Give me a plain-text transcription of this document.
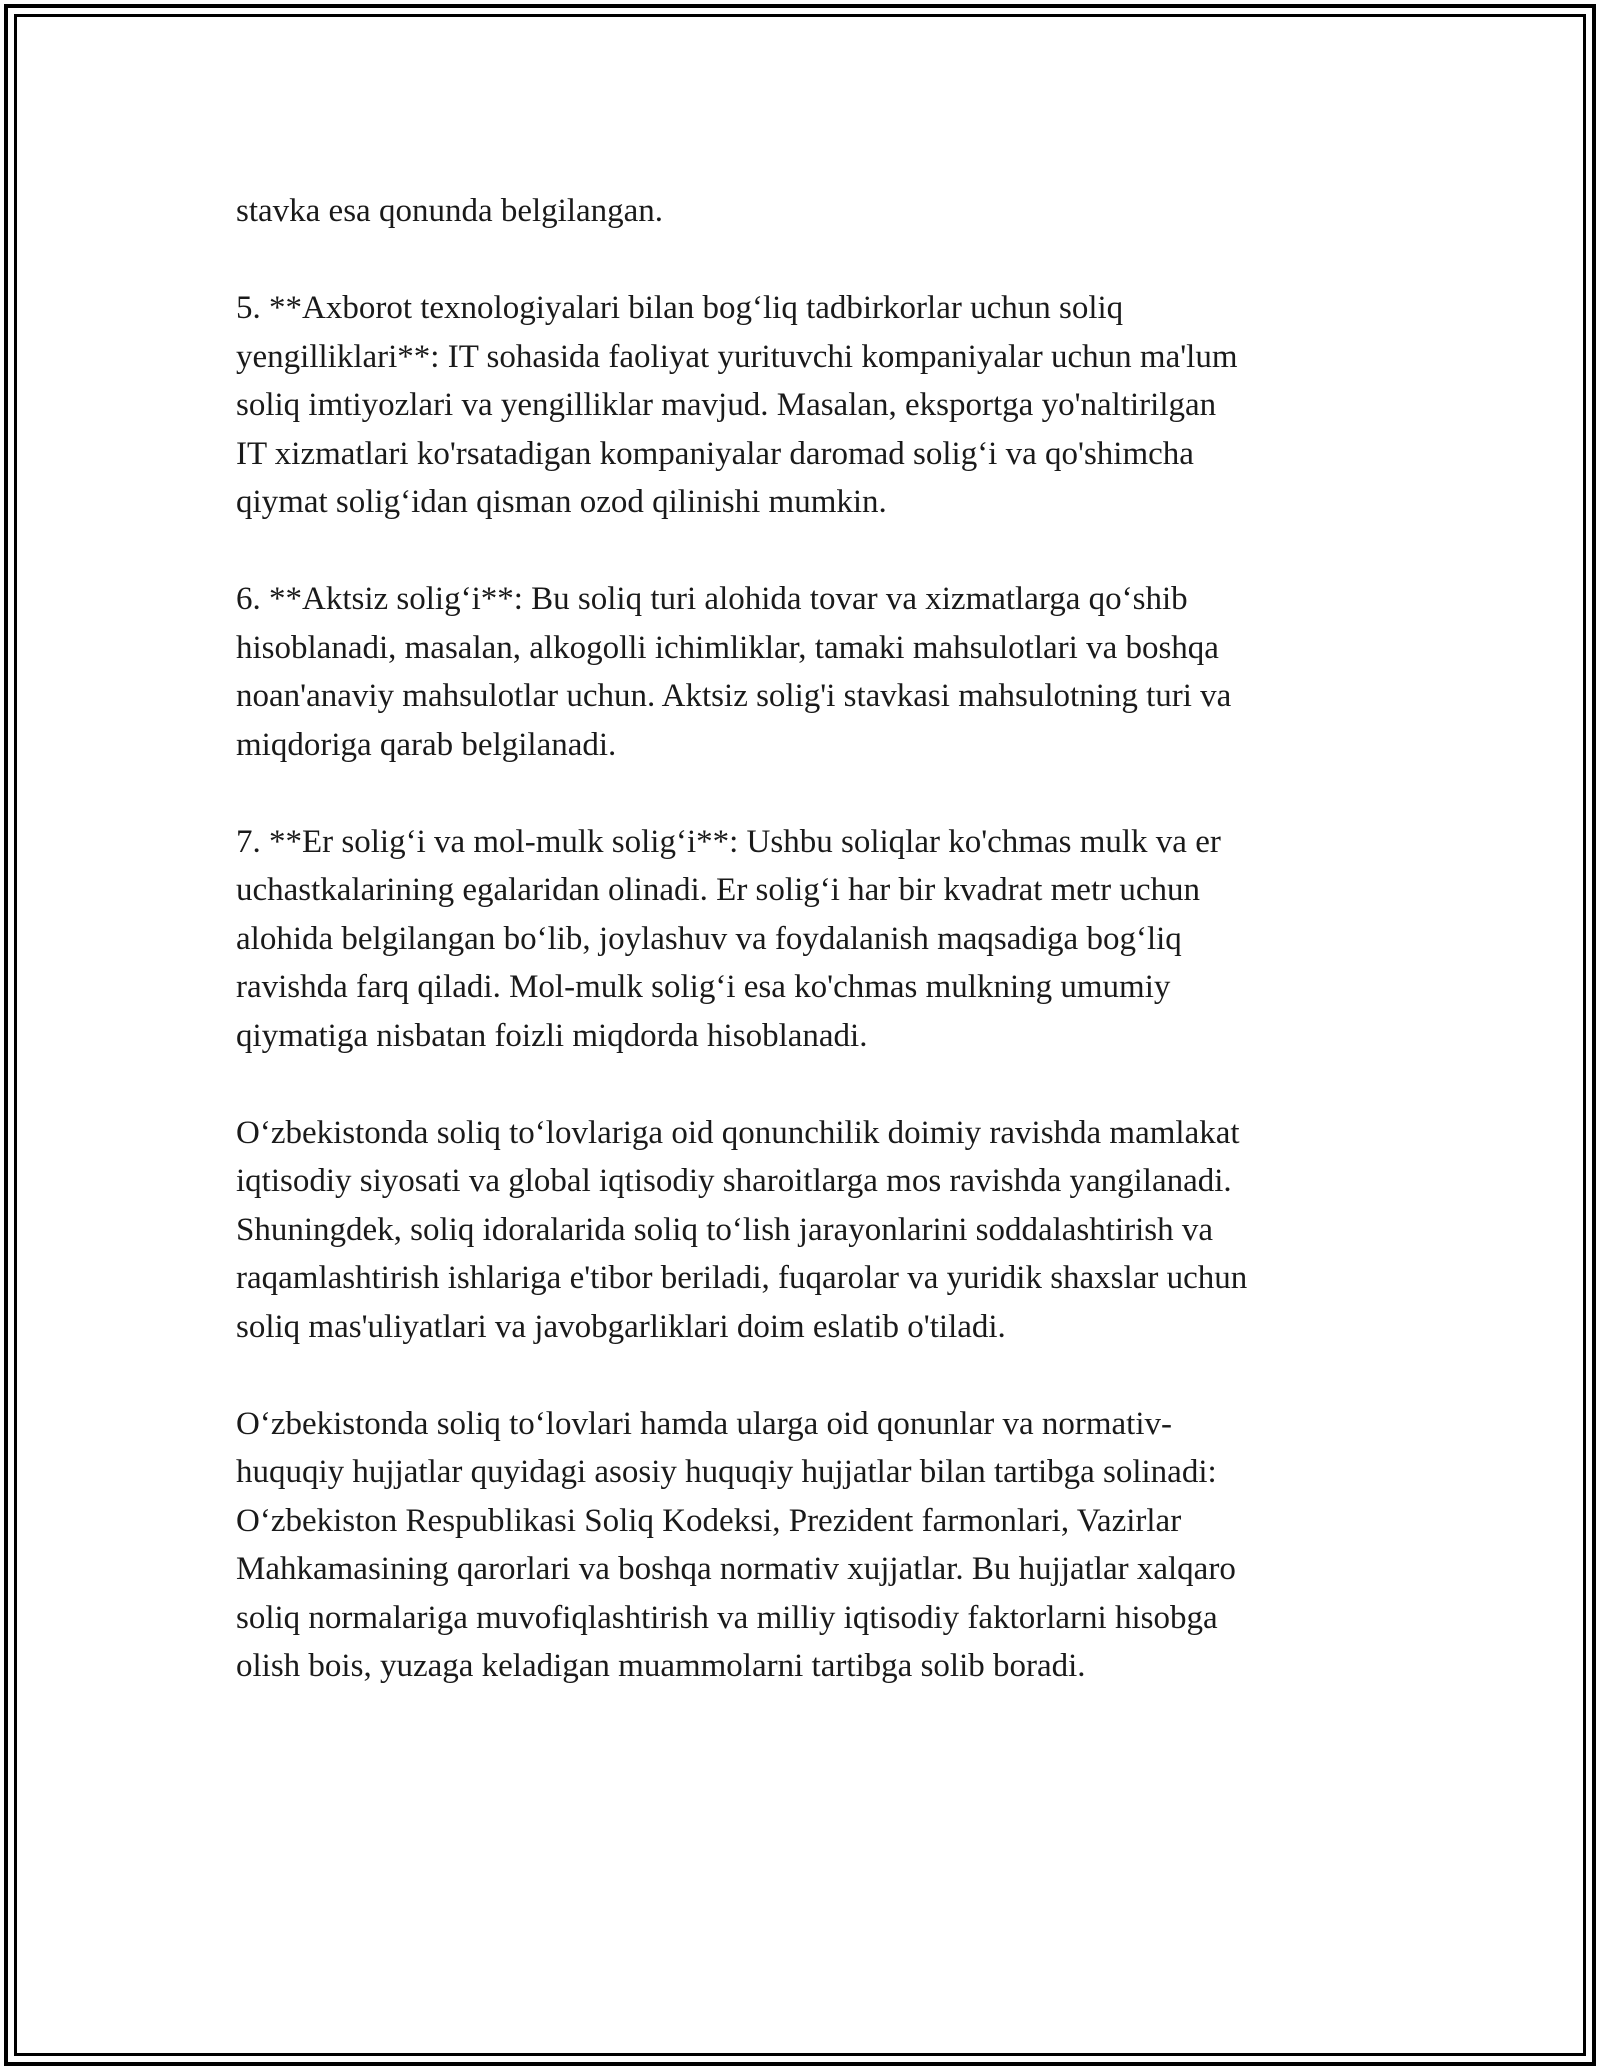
stavka esa qonunda belgilangan.

5. **Axborot texnologiyalari bilan bog‘liq tadbirkorlar uchun soliq
yengilliklari**: IT sohasida faoliyat yurituvchi kompaniyalar uchun ma'lum
soliq imtiyozlari va yengilliklar mavjud. Masalan, eksportga yo'naltirilgan
IT xizmatlari ko'rsatadigan kompaniyalar daromad solig‘i va qo'shimcha
qiymat solig‘idan qisman ozod qilinishi mumkin.

6. **Aktsiz solig‘i**: Bu soliq turi alohida tovar va xizmatlarga qo‘shib
hisoblanadi, masalan, alkogolli ichimliklar, tamaki mahsulotlari va boshqa
noan'anaviy mahsulotlar uchun. Aktsiz solig'i stavkasi mahsulotning turi va
miqdoriga qarab belgilanadi.

7. **Er solig‘i va mol-mulk solig‘i**: Ushbu soliqlar ko'chmas mulk va er
uchastkalarining egalaridan olinadi. Er solig‘i har bir kvadrat metr uchun
alohida belgilangan bo‘lib, joylashuv va foydalanish maqsadiga bog‘liq
ravishda farq qiladi. Mol-mulk solig‘i esa ko'chmas mulkning umumiy
qiymatiga nisbatan foizli miqdorda hisoblanadi.

O‘zbekistonda soliq to‘lovlariga oid qonunchilik doimiy ravishda mamlakat
iqtisodiy siyosati va global iqtisodiy sharoitlarga mos ravishda yangilanadi.
Shuningdek, soliq idoralarida soliq to‘lish jarayonlarini soddalashtirish va
raqamlashtirish ishlariga e'tibor beriladi, fuqarolar va yuridik shaxslar uchun
soliq mas'uliyatlari va javobgarliklari doim eslatib o'tiladi.

O‘zbekistonda soliq to‘lovlari hamda ularga oid qonunlar va normativ-
huquqiy hujjatlar quyidagi asosiy huquqiy hujjatlar bilan tartibga solinadi:
O‘zbekiston Respublikasi Soliq Kodeksi, Prezident farmonlari, Vazirlar
Mahkamasining qarorlari va boshqa normativ xujjatlar. Bu hujjatlar xalqaro
soliq normalariga muvofiqlashtirish va milliy iqtisodiy faktorlarni hisobga
olish bois, yuzaga keladigan muammolarni tartibga solib boradi.
